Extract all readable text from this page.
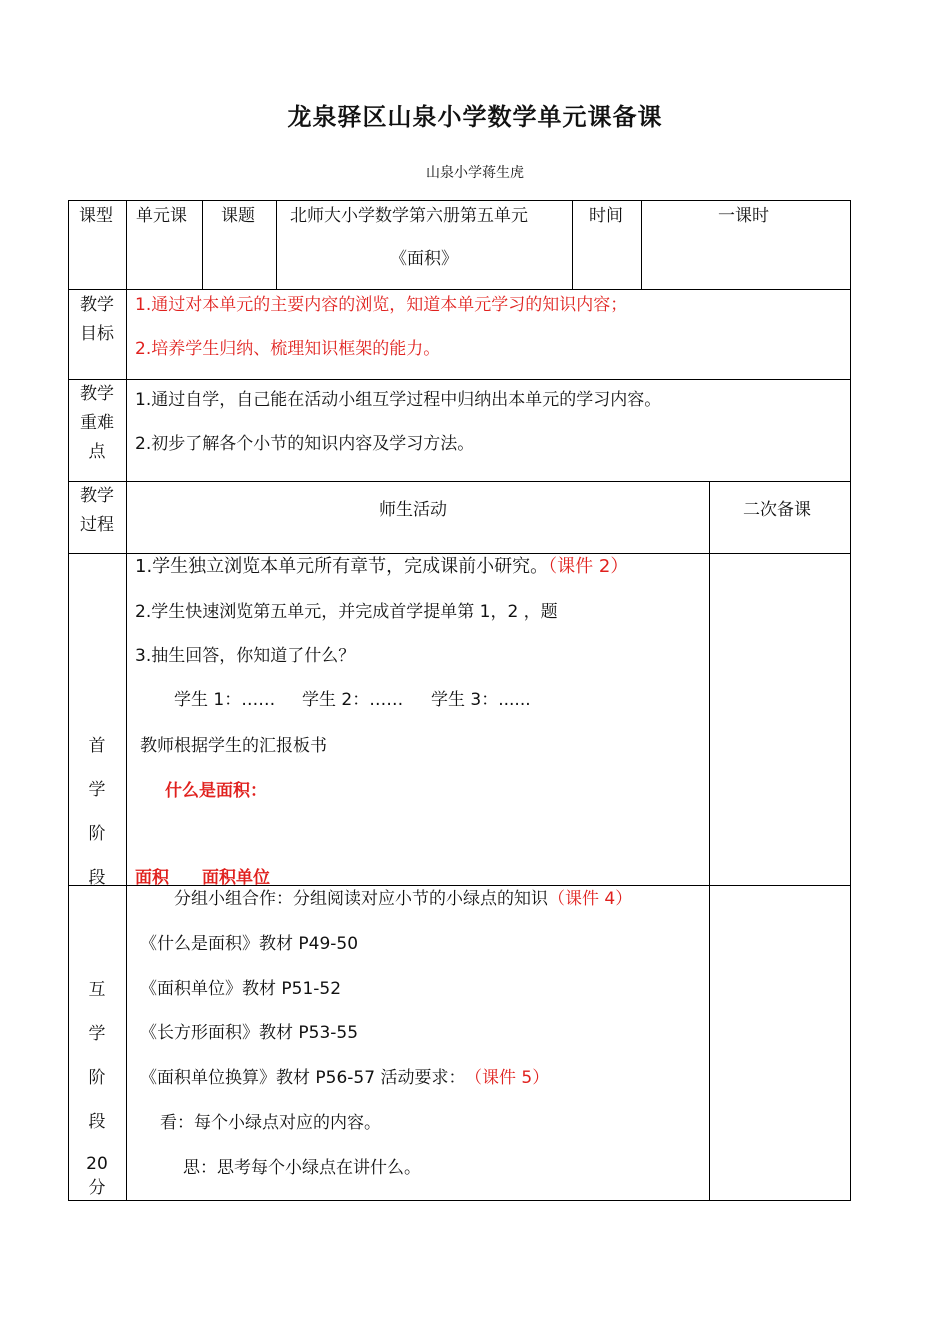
龙泉驿区山泉小学数学单元课备课
山泉小学蒋生虎
课型 单元课 课题 北师大小学数学第六册第五单元
《面积》
时间	一课时
教学
目标
1.通过对本单元的主要内容的浏览，知道本单元学习的知识内容；
2.培养学生归纳、梳理知识框架的能力。
教学
重难
点
1.通过自学，自己能在活动小组互学过程中归纳出本单元的学习内容。
2.初步了解各个小节的知识内容及学习方法。
教学
过程
师生活动	二次备课
首
学
阶
段
1.学生独立浏览本单元所有章节，完成课前小研究。（课件 2）
2.学生快速浏览第五单元，并完成首学提单第 1，2 ，题
3.抽生回答，你知道了什么？
学生 1：…… 学生 2：…… 学生 3：......
教师根据学生的汇报板书
什么是面积：
面积 面积单位
互
学
阶
段
20
分
分组小组合作：分组阅读对应小节的小绿点的知识（课件 4）
《什么是面积》教材 P49-50
《面积单位》教材 P51-52
《长方形面积》教材 P53-55
《面积单位换算》教材 P56-57 活动要求： （课件 5）
看：每个小绿点对应的内容。
思：思考每个小绿点在讲什么。
